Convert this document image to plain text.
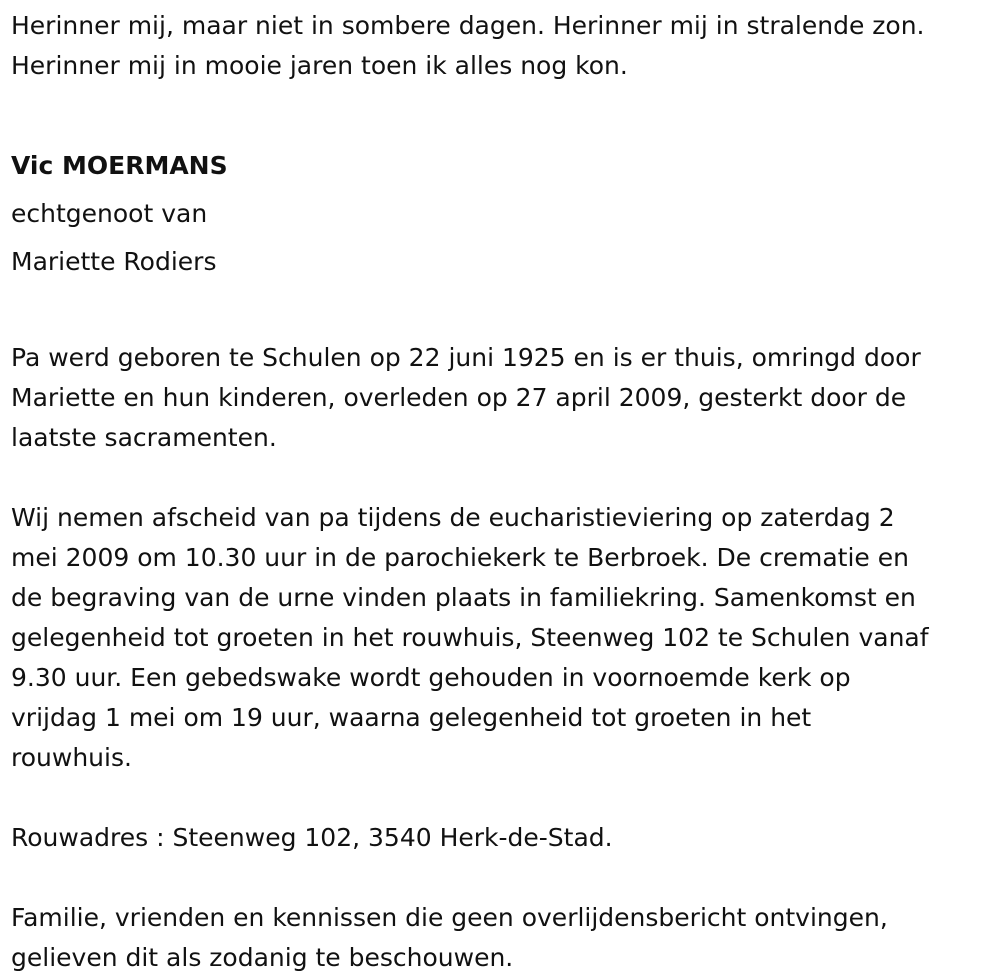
Herinner mij, maar niet in sombere dagen. Herinner mij in stralende zon.

Herinner mij in mooie jaren toen ik alles nog kon.

Vic MOERMANS

echtgenoot van

Mariette Rodiers

Pa werd geboren te Schulen op 22 juni 1925 en is er thuis, omringd door

Mariette en hun kinderen, overleden op 27 april 2009, gesterkt door de

laatste sacramenten.

Wij nemen afscheid van pa tijdens de eucharistieviering op zaterdag 2

mei 2009 om 10.30 uur in de parochiekerk te Berbroek. De crematie en

de begraving van de urne vinden plaats in familiekring. Samenkomst en

gelegenheid tot groeten in het rouwhuis, Steenweg 102 te Schulen vanaf

9.30 uur. Een gebedswake wordt gehouden in voornoemde kerk op

vrijdag 1 mei om 19 uur, waarna gelegenheid tot groeten in het

rouwhuis.

Rouwadres : Steenweg 102, 3540 Herk-de-Stad.

Familie, vrienden en kennissen die geen overlijdensbericht ontvingen,

gelieven dit als zodanig te beschouwen.
